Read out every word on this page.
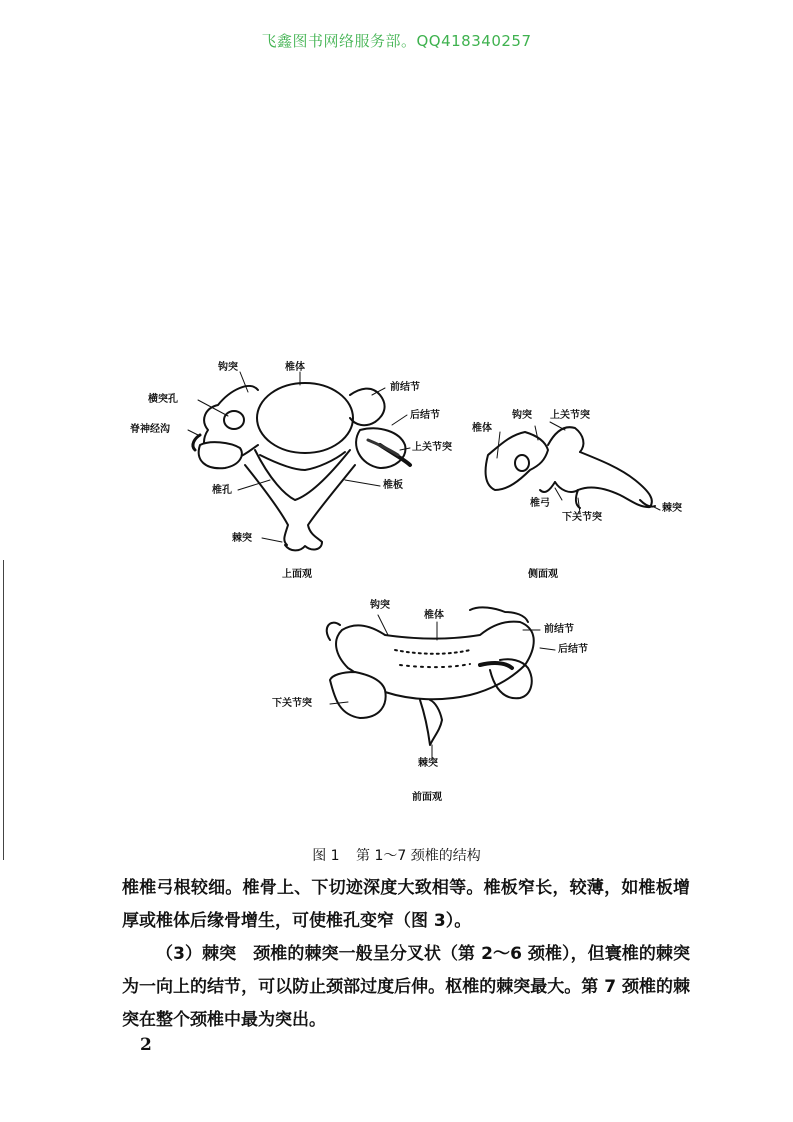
飞鑫图书网络服务部。QQ418340257
钩突	椎体
前结节
横突孔
后结节
脊神经沟
上关节突
椎板
椎孔
棘突
上面观
钩突 上关节突
椎体
椎弓
下关节突
棘突
侧面观
钩突
椎体
前结节
后结节
下关节突
棘突
前面观
图 1 第 1～7 颈椎的结构
椎椎弓根较细。椎骨上、下切迹深度大致相等。椎板窄长，较薄，如椎板增厚或椎体后缘骨增生，可使椎孔变窄（图 3）。
（3）棘突　颈椎的棘突一般呈分叉状（第 2～6 颈椎），但寰椎的棘突为一向上的结节，可以防止颈部过度后伸。枢椎的棘突最大。第 7 颈椎的棘突在整个颈椎中最为突出。
2
